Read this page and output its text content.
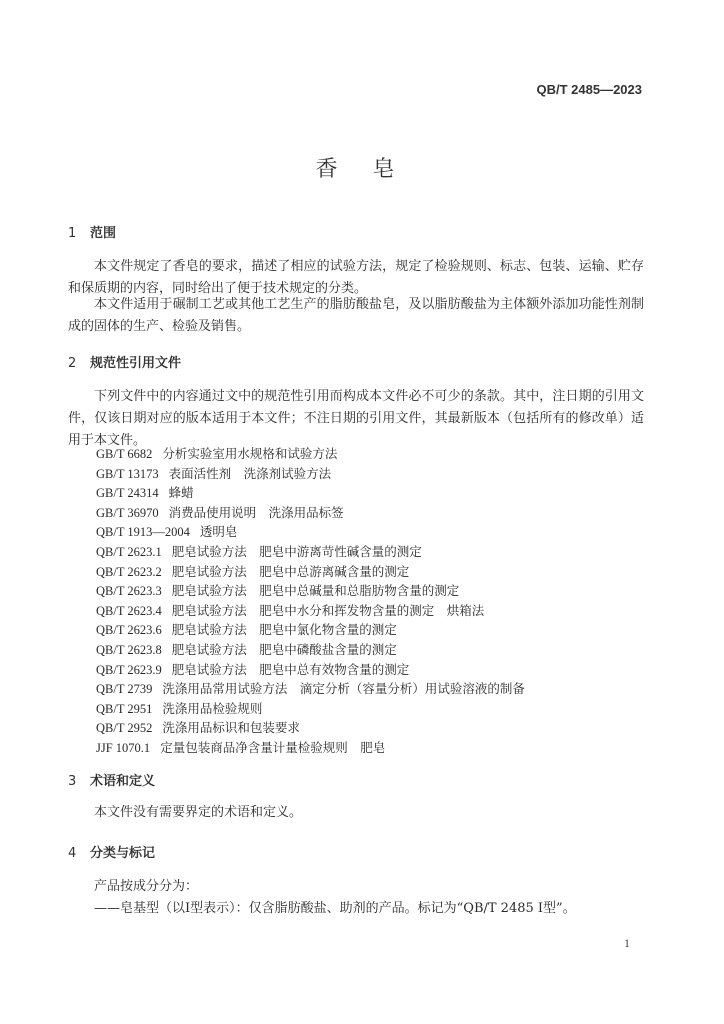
QB/T 2485—2023
香 皂
1 范围

本文件规定了香皂的要求，描述了相应的试验方法，规定了检验规则、标志、包装、运输、贮存和保质期的内容，同时给出了便于技术规定的分类。

本文件适用于碾制工艺或其他工艺生产的脂肪酸盐皂，及以脂肪酸盐为主体额外添加功能性剂制成的固体的生产、检验及销售。

2 规范性引用文件

下列文件中的内容通过文中的规范性引用而构成本文件必不可少的条款。其中，注日期的引用文件，仅该日期对应的版本适用于本文件；不注日期的引用文件，其最新版本（包括所有的修改单）适用于本文件。

GB/T 6682 分析实验室用水规格和试验方法
GB/T 13173 表面活性剂　洗涤剂试验方法
GB/T 24314 蜂蜡
GB/T 36970 消费品使用说明　洗涤用品标签
QB/T 1913—2004 透明皂
QB/T 2623.1 肥皂试验方法　肥皂中游离苛性碱含量的测定
QB/T 2623.2 肥皂试验方法　肥皂中总游离碱含量的测定
QB/T 2623.3 肥皂试验方法　肥皂中总碱量和总脂肪物含量的测定
QB/T 2623.4 肥皂试验方法　肥皂中水分和挥发物含量的测定　烘箱法
QB/T 2623.6 肥皂试验方法　肥皂中氯化物含量的测定
QB/T 2623.8 肥皂试验方法　肥皂中磷酸盐含量的测定
QB/T 2623.9 肥皂试验方法　肥皂中总有效物含量的测定
QB/T 2739 洗涤用品常用试验方法　滴定分析（容量分析）用试验溶液的制备
QB/T 2951 洗涤用品检验规则
QB/T 2952 洗涤用品标识和包装要求
JJF 1070.1 定量包装商品净含量计量检验规则　肥皂
3 术语和定义

本文件没有需要界定的术语和定义。

4 分类与标记

产品按成分分为：

——皂基型（以Ⅰ型表示）：仅含脂肪酸盐、助剂的产品。标记为“QB/T 2485 Ⅰ型”。

1
